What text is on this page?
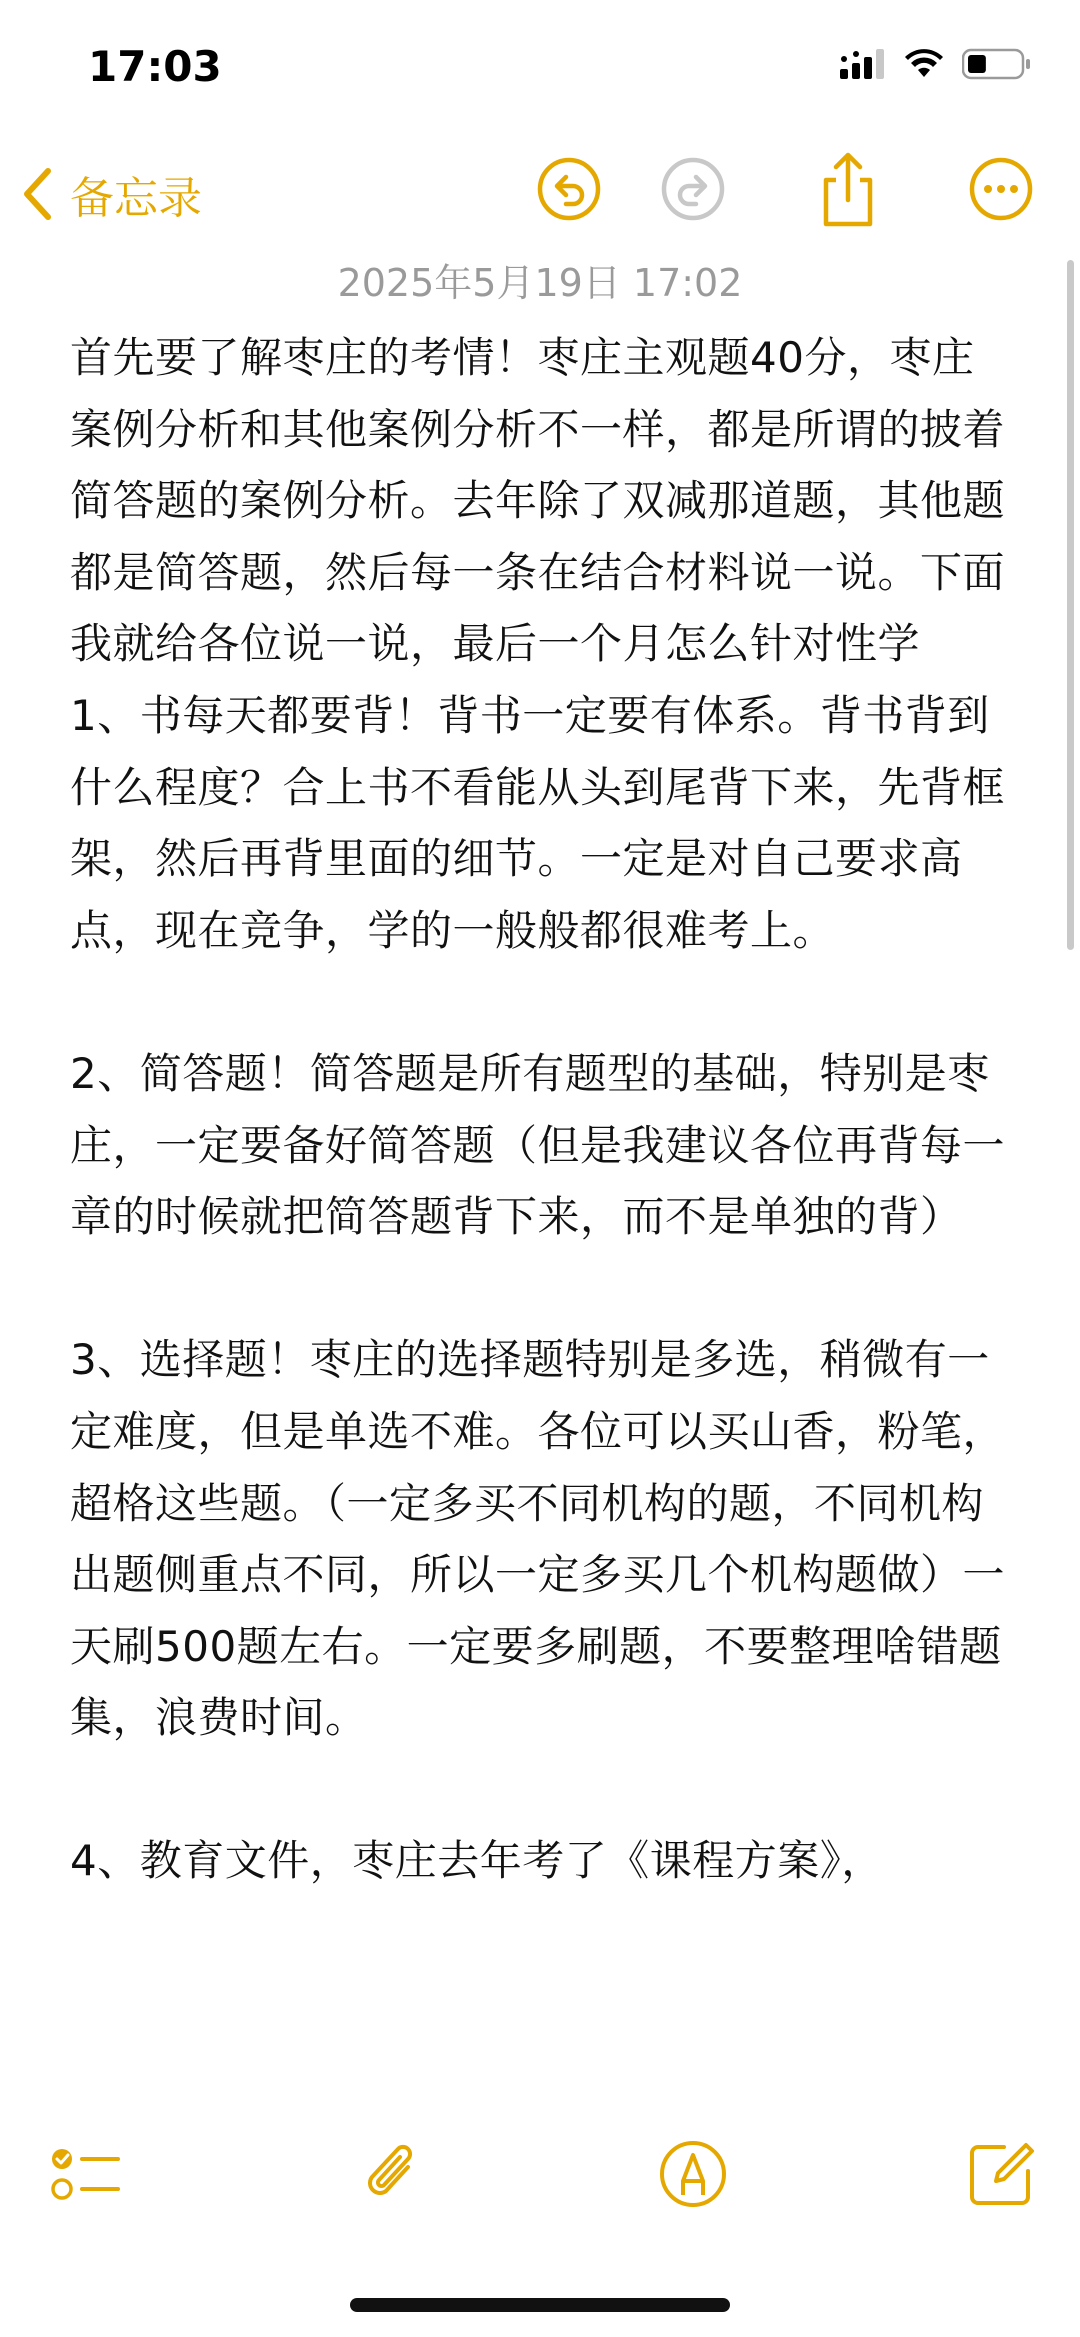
17:03
备忘录
2025年5月19日 17:02

首先要了解枣庄的考情！枣庄主观题40分，枣庄案例分析和其他案例分析不一样，都是所谓的披着简答题的案例分析。去年除了双减那道题，其他题都是简答题，然后每一条在结合材料说一说。下面我就给各位说一说，最后一个月怎么针对性学

1、书每天都要背！背书一定要有体系。背书背到什么程度？合上书不看能从头到尾背下来，先背框架，然后再背里面的细节。一定是对自己要求高点，现在竞争，学的一般般都很难考上。

2、简答题！简答题是所有题型的基础，特别是枣庄，一定要备好简答题（但是我建议各位再背每一章的时候就把简答题背下来，而不是单独的背）

3、选择题！枣庄的选择题特别是多选，稍微有一定难度，但是单选不难。各位可以买山香，粉笔，超格这些题。（一定多买不同机构的题，不同机构出题侧重点不同，所以一定多买几个机构题做）一天刷500题左右。一定要多刷题，不要整理啥错题集，浪费时间。

4、教育文件，枣庄去年考了《课程方案》，
